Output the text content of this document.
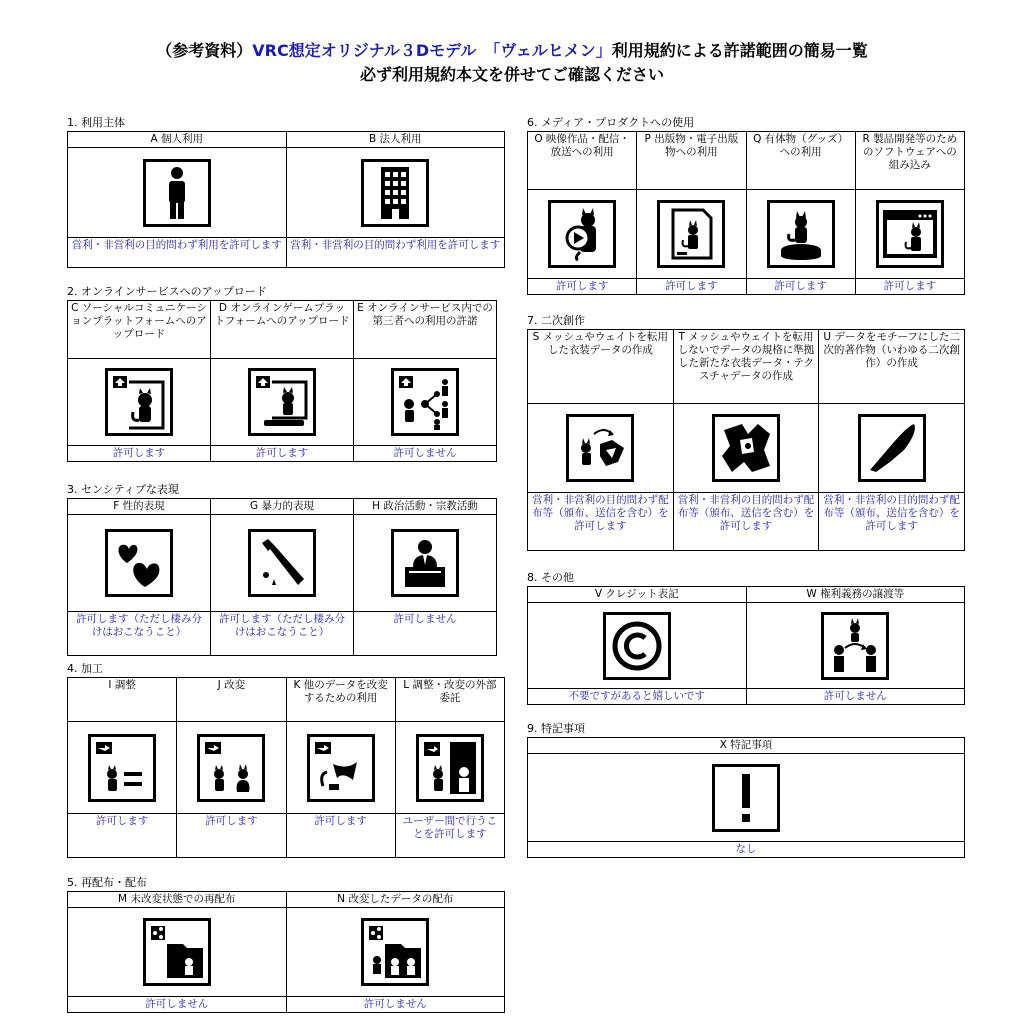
（参考資料）VRC想定オリジナル３Dモデル　「ヴェルヒメン」利用規約による許諾範囲の簡易一覧
必ず利用規約本文を併せてご確認ください
1. 利用主体
A 個人利用
営利・非営利の目的問わず利用を許可します
B 法人利用
営利・非営利の目的問わず利用を許可します
2. オンラインサービスへのアップロード
C ソーシャルコミュニケーションプラットフォームへのアップロード
許可します
D オンラインゲームプラットフォームへのアップロード
許可します
E オンラインサービス内での第三者への利用の許諾
許可しません
3. センシティブな表現
F 性的表現
許可します（ただし棲み分けはおこなうこと）
G 暴力的表現
許可します（ただし棲み分けはおこなうこと）
H 政治活動・宗教活動
許可しません
4. 加工
I 調整
許可します
J 改変
許可します
K 他のデータを改変するための利用
許可します
L 調整・改変の外部委託
ユーザー間で行うことを許可します
5. 再配布・配布
M 未改変状態での再配布
許可しません
N 改変したデータの配布
許可しません
6. メディア・プロダクトへの使用
O 映像作品・配信・放送への利用
許可します
P 出版物・電子出版物への利用
許可します
Q 有体物（グッズ）への利用
許可します
R 製品開発等のためのソフトウェアへの組み込み
許可します
7. 二次創作
S メッシュやウェイトを転用した衣装データの作成
営利・非営利の目的問わず配布等（頒布、送信を含む）を許可します
T メッシュやウェイトを転用しないでデータの規格に準拠した新たな衣装データ・テクスチャデータの作成
営利・非営利の目的問わず配布等（頒布、送信を含む）を許可します
U データをモチーフにした二次的著作物（いわゆる二次創作）の作成
営利・非営利の目的問わず配布等（頒布、送信を含む）を許可します
8. その他
V クレジット表記
不要ですがあると嬉しいです
W 権利義務の譲渡等
許可しません
9. 特記事項
X 特記事項
なし
